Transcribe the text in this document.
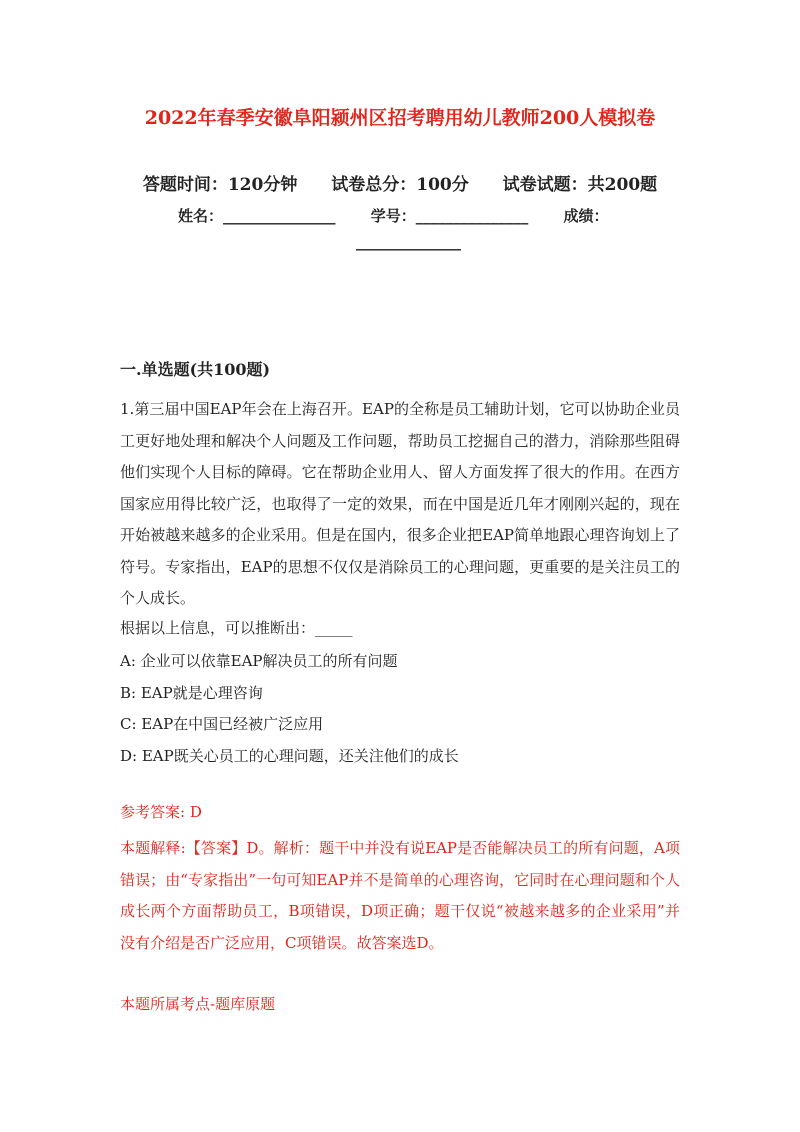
2022年春季安徽阜阳颍州区招考聘用幼儿教师200人模拟卷
答题时间：120分钟 试卷总分：100分 试卷试题：共200题
姓名：_______________ 学号：_______________ 成绩：
______________
一.单选题(共100题)
1.第三届中国EAP年会在上海召开。EAP的全称是员工辅助计划，它可以协助企业员工更好地处理和解决个人问题及工作问题，帮助员工挖掘自己的潜力，消除那些阻碍他们实现个人目标的障碍。它在帮助企业用人、留人方面发挥了很大的作用。在西方国家应用得比较广泛，也取得了一定的效果，而在中国是近几年才刚刚兴起的，现在开始被越来越多的企业采用。但是在国内，很多企业把EAP简单地跟心理咨询划上了符号。专家指出，EAP的思想不仅仅是消除员工的心理问题，更重要的是关注员工的个人成长。
根据以上信息，可以推断出：_____
A: 企业可以依靠EAP解决员工的所有问题
B: EAP就是心理咨询
C: EAP在中国已经被广泛应用
D: EAP既关心员工的心理问题，还关注他们的成长
参考答案: D
本题解释:【答案】D。解析：题干中并没有说EAP是否能解决员工的所有问题，A项错误；由“专家指出”一句可知EAP并不是简单的心理咨询，它同时在心理问题和个人成长两个方面帮助员工，B项错误，D项正确；题干仅说“被越来越多的企业采用”并没有介绍是否广泛应用，C项错误。故答案选D。
本题所属考点-题库原题
